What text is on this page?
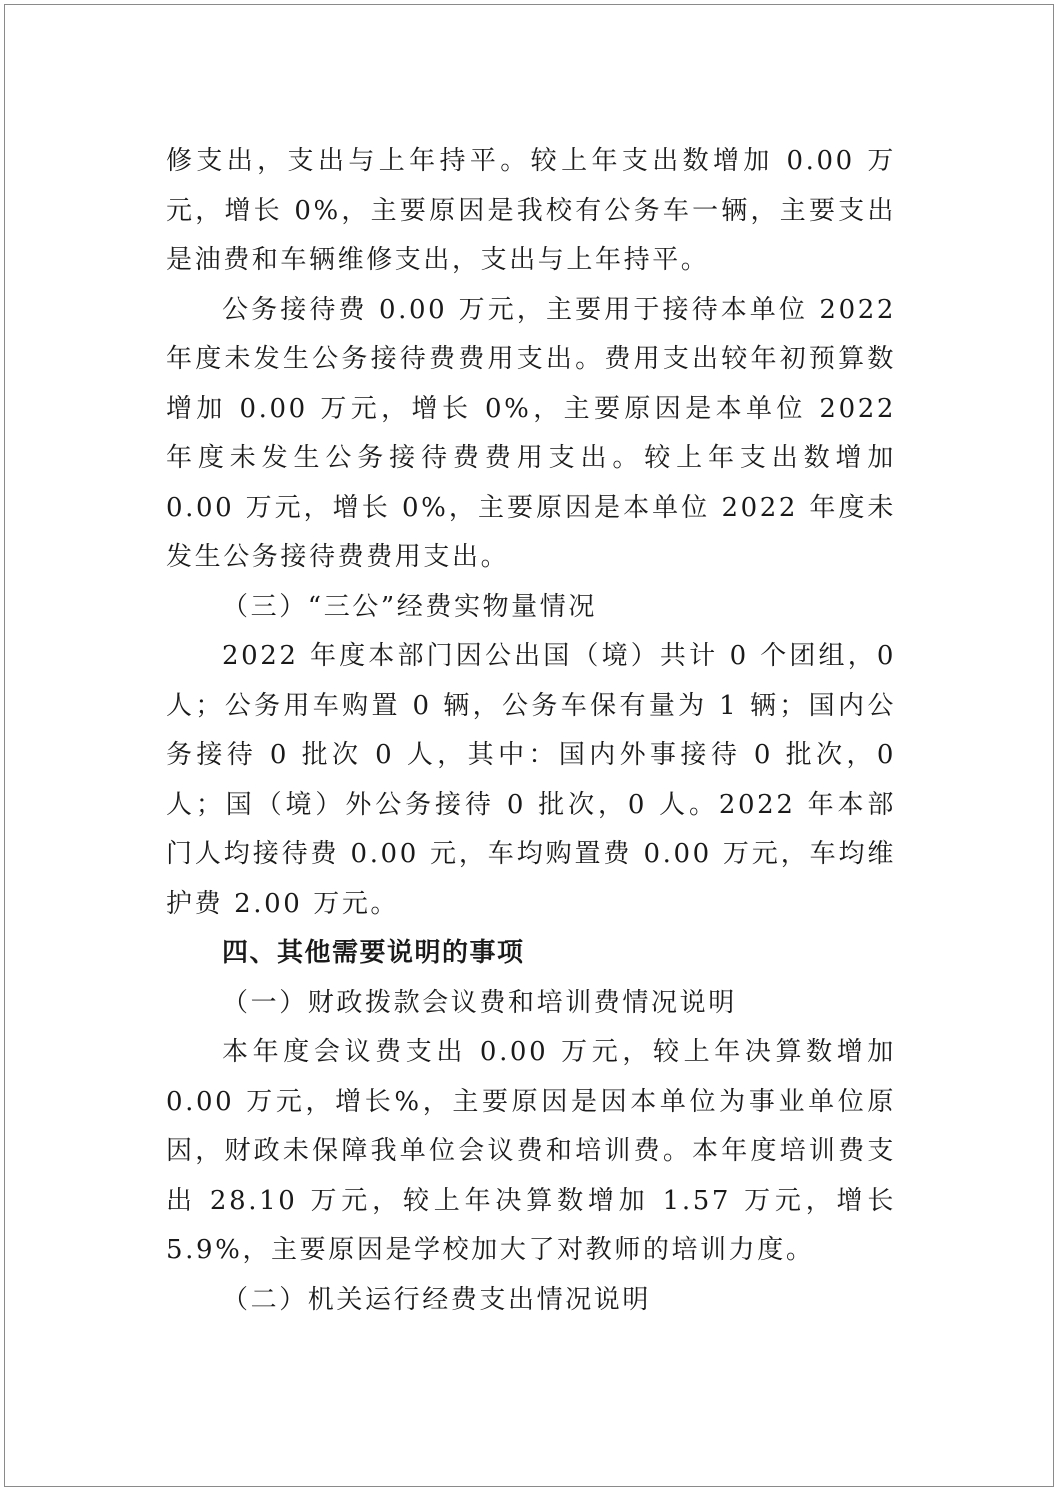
修支出，支出与上年持平。较上年支出数增加 0.00 万元，增长 0%，主要原因是我校有公务车一辆，主要支出是油费和车辆维修支出，支出与上年持平。

公务接待费 0.00 万元，主要用于接待本单位 2022 年度未发生公务接待费费用支出。费用支出较年初预算数增加 0.00 万元，增长 0%，主要原因是本单位 2022 年度未发生公务接待费费用支出。较上年支出数增加 0.00 万元，增长 0%，主要原因是本单位 2022 年度未发生公务接待费费用支出。

（三）“三公”经费实物量情况

2022 年度本部门因公出国（境）共计 0 个团组，0 人；公务用车购置 0 辆，公务车保有量为 1 辆；国内公务接待 0 批次 0 人，其中：国内外事接待 0 批次，0 人；国（境）外公务接待 0 批次，0 人。2022 年本部门人均接待费 0.00 元，车均购置费 0.00 万元，车均维护费 2.00 万元。

四、其他需要说明的事项

（一）财政拨款会议费和培训费情况说明

本年度会议费支出 0.00 万元，较上年决算数增加 0.00 万元，增长%，主要原因是因本单位为事业单位原因，财政未保障我单位会议费和培训费。本年度培训费支出 28.10 万元，较上年决算数增加 1.57 万元，增长 5.9%，主要原因是学校加大了对教师的培训力度。

（二）机关运行经费支出情况说明
